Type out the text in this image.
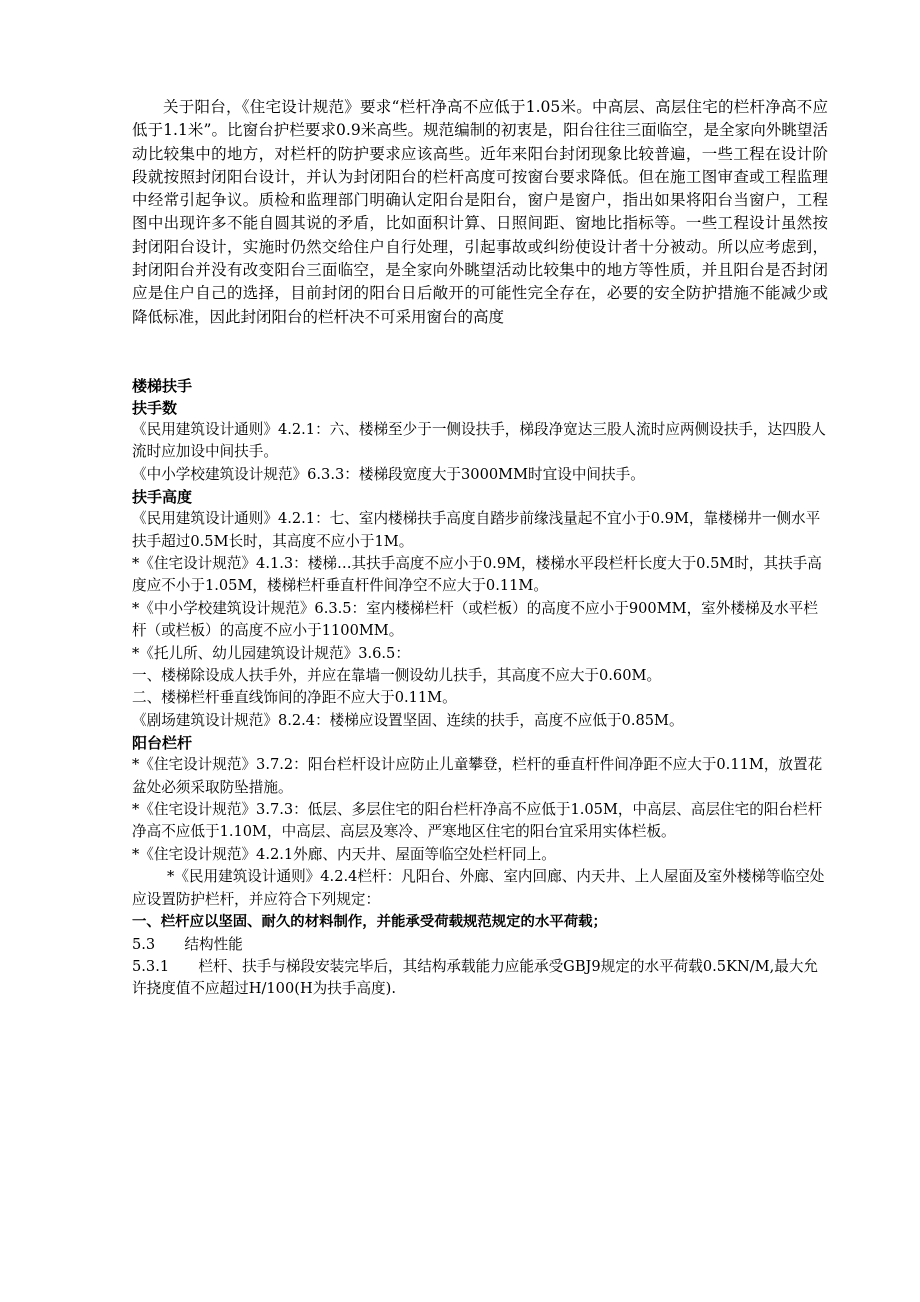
关于阳台，《住宅设计规范》要求“栏杆净高不应低于1.05米。中高层、高层住宅的栏杆净高不应低于1.1米”。比窗台护栏要求0.9米高些。规范编制的初衷是，阳台往往三面临空，是全家向外眺望活动比较集中的地方，对栏杆的防护要求应该高些。近年来阳台封闭现象比较普遍，一些工程在设计阶段就按照封闭阳台设计，并认为封闭阳台的栏杆高度可按窗台要求降低。但在施工图审查或工程监理中经常引起争议。质检和监理部门明确认定阳台是阳台，窗户是窗户，指出如果将阳台当窗户，工程图中出现许多不能自圆其说的矛盾，比如面积计算、日照间距、窗地比指标等。一些工程设计虽然按封闭阳台设计，实施时仍然交给住户自行处理，引起事故或纠纷使设计者十分被动。所以应考虑到，封闭阳台并没有改变阳台三面临空，是全家向外眺望活动比较集中的地方等性质，并且阳台是否封闭应是住户自己的选择，目前封闭的阳台日后敞开的可能性完全存在，必要的安全防护措施不能减少或降低标准，因此封闭阳台的栏杆决不可采用窗台的高度

楼梯扶手

扶手数

《民用建筑设计通则》4.2.1：六、楼梯至少于一侧设扶手，梯段净宽达三股人流时应两侧设扶手，达四股人流时应加设中间扶手。

《中小学校建筑设计规范》6.3.3：楼梯段宽度大于3000MM时宜设中间扶手。

扶手高度

《民用建筑设计通则》4.2.1：七、室内楼梯扶手高度自踏步前缘浅量起不宜小于0.9M，靠楼梯井一侧水平扶手超过0.5M长时，其高度不应小于1M。

*《住宅设计规范》4.1.3：楼梯…其扶手高度不应小于0.9M，楼梯水平段栏杆长度大于0.5M时，其扶手高度应不小于1.05M，楼梯栏杆垂直杆件间净空不应大于0.11M。

*《中小学校建筑设计规范》6.3.5：室内楼梯栏杆（或栏板）的高度不应小于900MM，室外楼梯及水平栏杆（或栏板）的高度不应小于1100MM。

*《托儿所、幼儿园建筑设计规范》3.6.5：

一、楼梯除设成人扶手外，并应在靠墙一侧设幼儿扶手，其高度不应大于0.60M。

二、楼梯栏杆垂直线饰间的净距不应大于0.11M。

《剧场建筑设计规范》8.2.4：楼梯应设置坚固、连续的扶手，高度不应低于0.85M。

阳台栏杆

*《住宅设计规范》3.7.2：阳台栏杆设计应防止儿童攀登，栏杆的垂直杆件间净距不应大于0.11M，放置花盆处必须采取防坠措施。

*《住宅设计规范》3.7.3：低层、多层住宅的阳台栏杆净高不应低于1.05M，中高层、高层住宅的阳台栏杆净高不应低于1.10M，中高层、高层及寒冷、严寒地区住宅的阳台宜采用实体栏板。

*《住宅设计规范》4.2.1外廊、内天井、屋面等临空处栏杆同上。

*《民用建筑设计通则》4.2.4栏杆：凡阳台、外廊、室内回廊、内天井、上人屋面及室外楼梯等临空处应设置防护栏杆，并应符合下列规定：

一、栏杆应以坚固、耐久的材料制作，并能承受荷载规范规定的水平荷载；

5.3　　结构性能

5.3.1　　栏杆、扶手与梯段安装完毕后，其结构承载能力应能承受GBJ9规定的水平荷载0.5KN/M,最大允许挠度值不应超过H/100(H为扶手高度).
